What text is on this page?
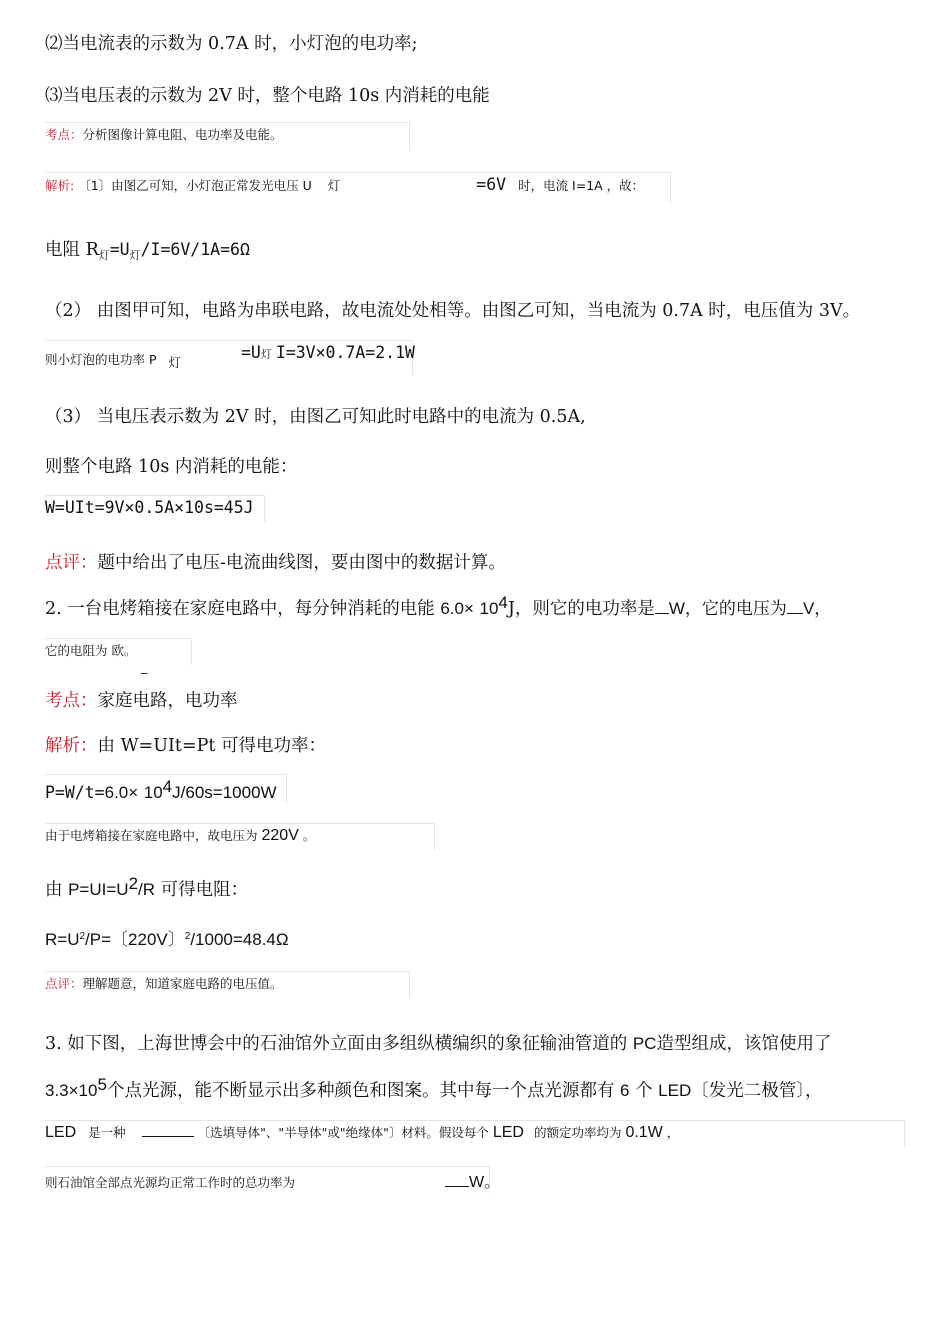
⑵当电流表的示数为 0.7A 时，小灯泡的电功率;
⑶当电压表的示数为 2V 时，整个电路 10s 内消耗的电能
考点：分析图像计算电阻、电功率及电能。
解析: 〔1〕由图乙可知，小灯泡正常发光电压 U 灯	=6V 时，电流 I=1A ，故：
电阻 $R_灯=U_灯/I=6V/1A=6\Omega$
（2） 由图甲可知，电路为串联电路，故电流处处相等。由图乙可知，当电流为 0.7A 时，电压值为 3V。
则小灯泡的电功率 P 灯 =U灯 I=3V×0.7A=2.1W
（3） 当电压表示数为 2V 时，由图乙可知此时电路中的电流为 0.5A,
则整个电路 10s 内消耗的电能：
W=UIt=9V×0.5A×10s=45J
点评：题中给出了电压-电流曲线图，要由图中的数据计算。
2. 一台电烤箱接在家庭电路中，每分钟消耗的电能 $6.0\times 10^4J$，则它的电功率是 W，它的电压为 V，
它的电阻为 欧。
_
考点：家庭电路，电功率
解析：由 W=UIt=Pt 可得电功率：
$P=W/t=6.0\times 10^4J/60s=1000W$
由于电烤箱接在家庭电路中，故电压为 220V 。
由 $P=UI=U^2/R$ 可得电阻：
$R=U^2/P=$〔220V〕$^2$/1000=48.4Ω
点评：理解题意，知道家庭电路的电压值。
3. 如下图，上海世博会中的石油馆外立面由多组纵横编织的象征输油管道的 PC造型组成，该馆使用了
$3.3\times 10^5$个点光源，能不断显示出多种颜色和图案。其中每一个点光源都有 6 个 LED〔发光二极管〕，
LED 是一种	〔选填导体"、"半导体"或"绝缘体"〕材料。假设每个 LED 的额定功率均为 0.1W ，
则石油馆全部点光源均正常工作时的总功率为	W。
